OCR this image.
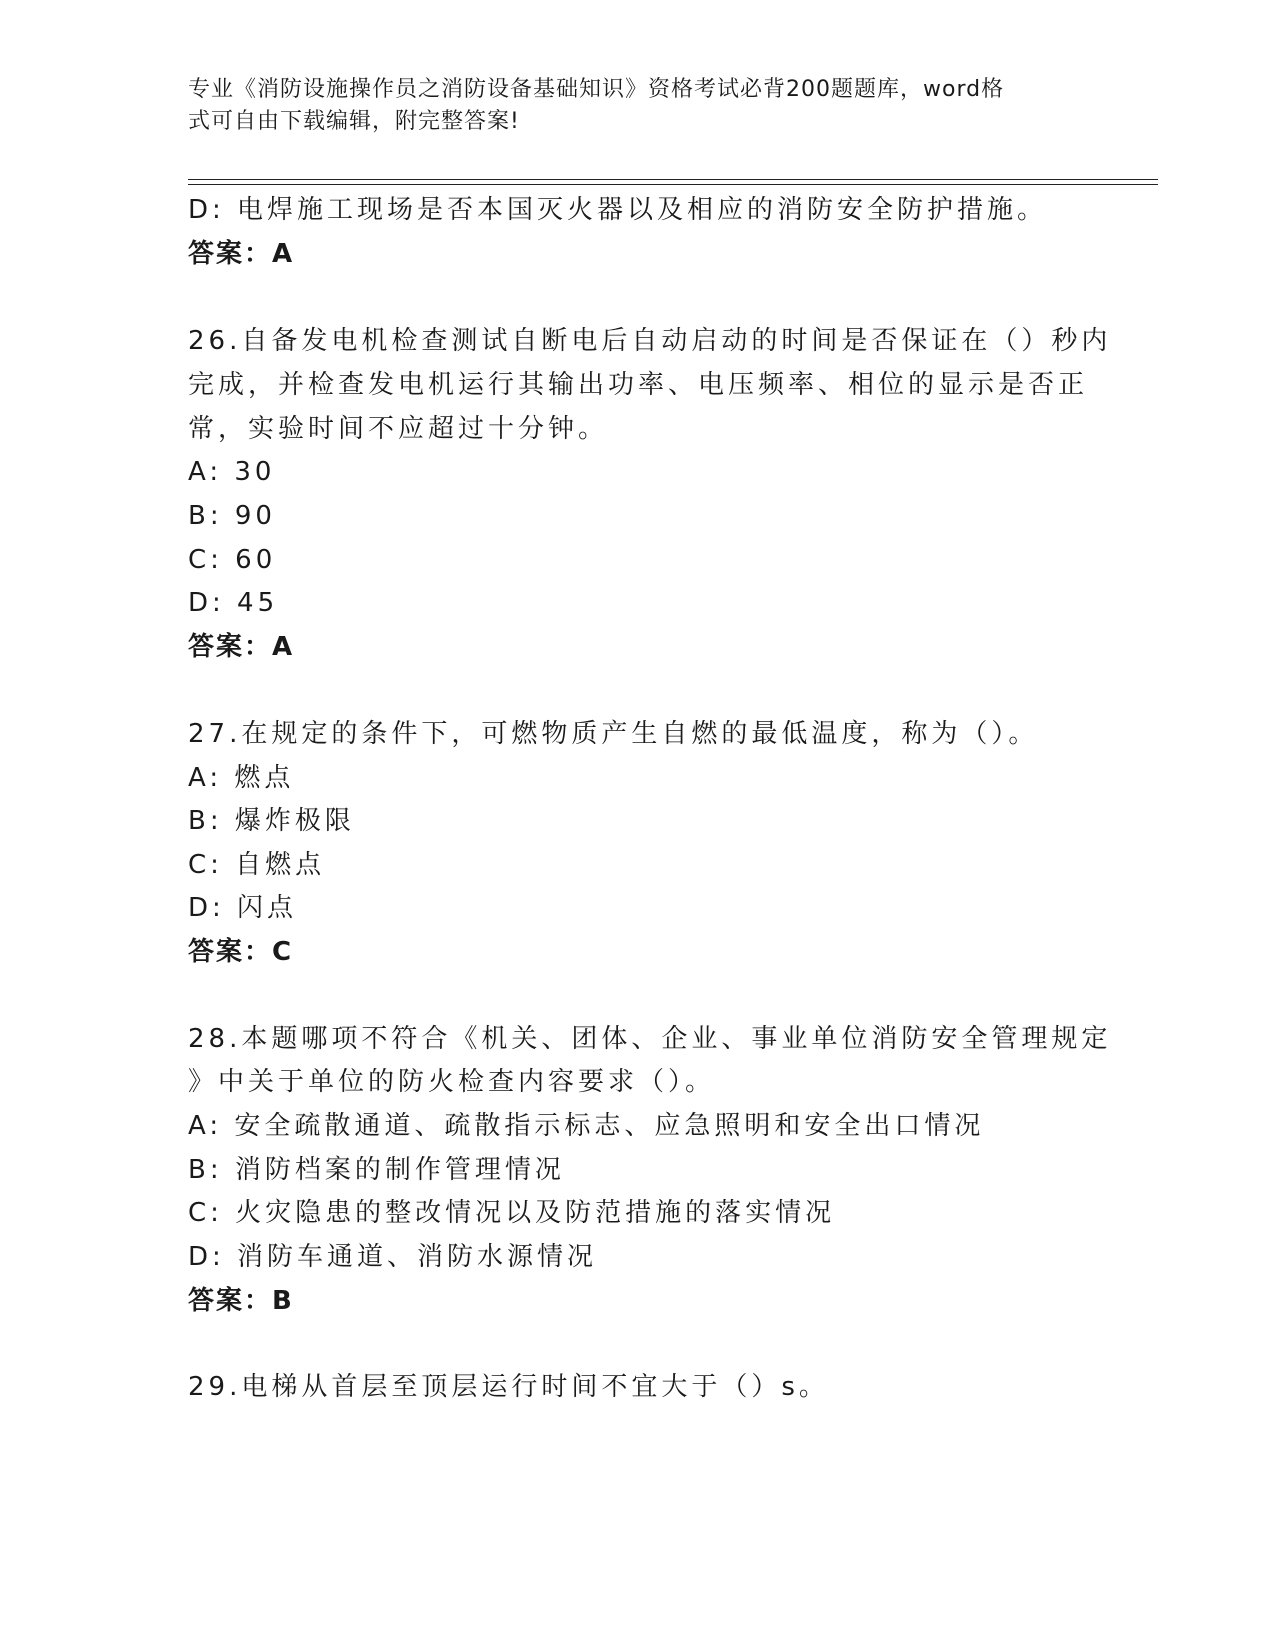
专业《消防设施操作员之消防设备基础知识》资格考试必背200题题库，word格
式可自由下载编辑，附完整答案!
D: 电焊施工现场是否本国灭火器以及相应的消防安全防护措施。
答案：A
26.自备发电机检查测试自断电后自动启动的时间是否保证在（）秒内
完成，并检查发电机运行其输出功率、电压频率、相位的显示是否正
常，实验时间不应超过十分钟。
A: 30
B: 90
C: 60
D: 45
答案：A
27.在规定的条件下，可燃物质产生自燃的最低温度，称为（）。
A: 燃点
B: 爆炸极限
C: 自燃点
D: 闪点
答案：C
28.本题哪项不符合《机关、团体、企业、事业单位消防安全管理规定
》中关于单位的防火检查内容要求（）。
A: 安全疏散通道、疏散指示标志、应急照明和安全出口情况
B: 消防档案的制作管理情况
C: 火灾隐患的整改情况以及防范措施的落实情况
D: 消防车通道、消防水源情况
答案：B
29.电梯从首层至顶层运行时间不宜大于（）s。
